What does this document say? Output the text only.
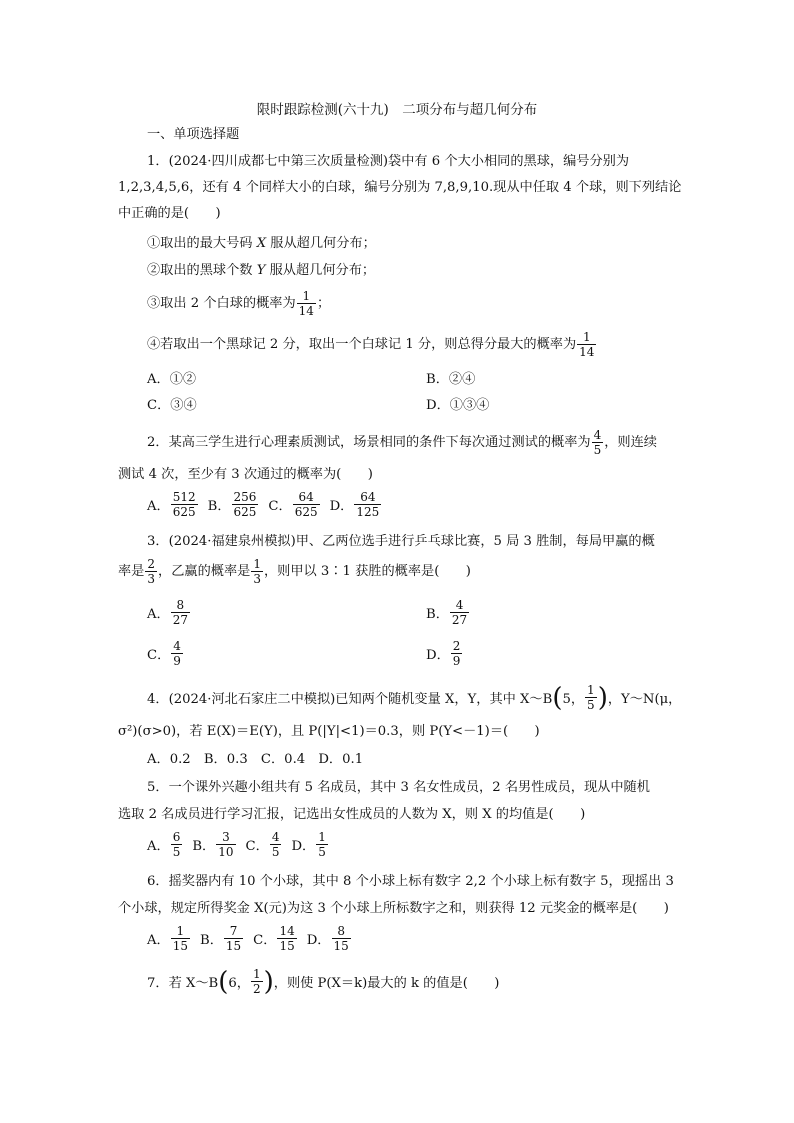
限时跟踪检测(六十九)　二项分布与超几何分布
一、单项选择题
1．(2024·四川成都七中第三次质量检测)袋中有 6 个大小相同的黑球，编号分别为
1,2,3,4,5,6，还有 4 个同样大小的白球，编号分别为 7,8,9,10.现从中任取 4 个球，则下列结论
中正确的是(　　)
①取出的最大号码 X 服从超几何分布；
②取出的黑球个数 Y 服从超几何分布；
③取出 2 个白球的概率为 $\frac{1}{14}$ ；
④若取出一个黑球记 2 分，取出一个白球记 1 分，则总得分最大的概率为 $\frac{1}{14}$
A．①②	B．②④
C．③④	D．①③④
2．某高三学生进行心理素质测试，场景相同的条件下每次通过测试的概率为 $\frac{4}{5}$ ，则连续
测试 4 次，至少有 3 次通过的概率为(　　)
A． $\frac{512}{625}$ B． $\frac{256}{625}$ C． $\frac{64}{625}$ D． $\frac{64}{125}$
3．(2024·福建泉州模拟)甲、乙两位选手进行乒乓球比赛，5 局 3 胜制，每局甲赢的概
率是 $\frac{2}{3}$ ，乙赢的概率是 $\frac{1}{3}$ ，则甲以 3∶1 获胜的概率是(　　)
A． $\frac{8}{27}$	B． $\frac{4}{27}$
C． $\frac{4}{9}$	D． $\frac{2}{9}$
4．(2024·河北石家庄二中模拟)已知两个随机变量 X，Y，其中 X～B ( 5， $\frac{1}{5}$ ) ，Y～N(μ，
σ²)(σ>0)，若 E(X)＝E(Y)，且 P(|Y|<1)＝0.3，则 P(Y<－1)＝(　　)
A．0.2　B．0.3　C．0.4　D．0.1
5．一个课外兴趣小组共有 5 名成员，其中 3 名女性成员，2 名男性成员，现从中随机
选取 2 名成员进行学习汇报，记选出女性成员的人数为 X，则 X 的均值是(　　)
A． $\frac{6}{5}$ B． $\frac{3}{10}$ C． $\frac{4}{5}$ D． $\frac{1}{5}$
6．摇奖器内有 10 个小球，其中 8 个小球上标有数字 2,2 个小球上标有数字 5，现摇出 3
个小球，规定所得奖金 X(元)为这 3 个小球上所标数字之和，则获得 12 元奖金的概率是(　　)
A． $\frac{1}{15}$ B． $\frac{7}{15}$ C． $\frac{14}{15}$ D． $\frac{8}{15}$
7．若 X～B ( 6， $\frac{1}{2}$ ) ，则使 P(X＝k)最大的 k 的值是(　　)
